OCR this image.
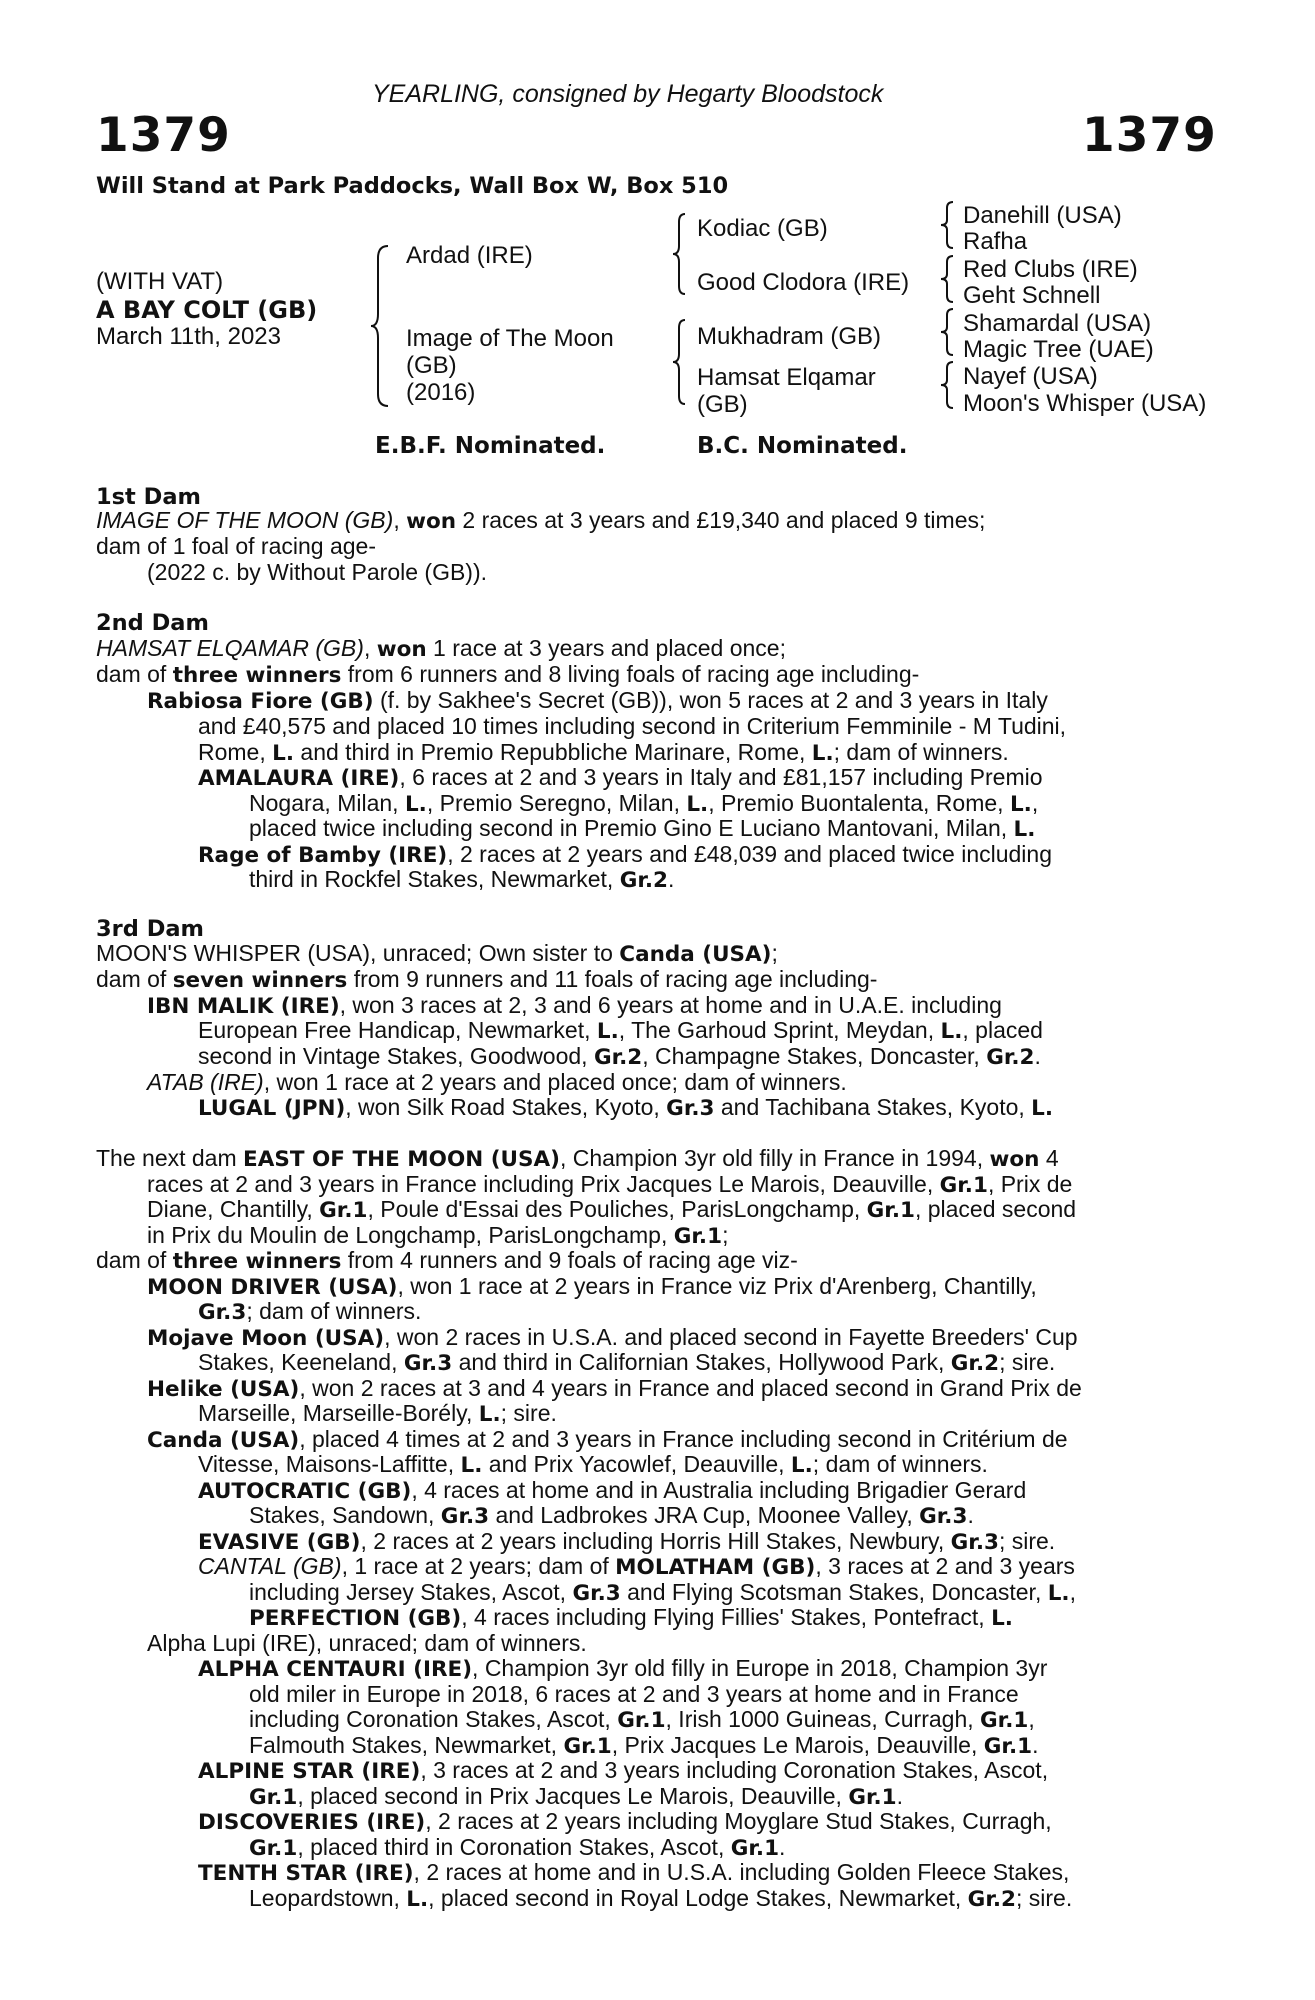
YEARLING, consigned by Hegarty Bloodstock
1379	1379
Will Stand at Park Paddocks, Wall Box W, Box 510
(WITH VAT)
A BAY COLT (GB)
March 11th, 2023
Ardad (IRE)
Image of The Moon
(GB)
(2016)
Kodiac (GB)
Good Clodora (IRE)
Mukhadram (GB)
Hamsat Elqamar
(GB)
Danehill (USA)
Rafha
Red Clubs (IRE)
Geht Schnell
Shamardal (USA)
Magic Tree (UAE)
Nayef (USA)
Moon's Whisper (USA)
E.B.F. Nominated.	B.C. Nominated.
1st Dam
IMAGE OF THE MOON (GB), won 2 races at 3 years and £19,340 and placed 9 times;
dam of 1 foal of racing age-
(2022 c. by Without Parole (GB)).
2nd Dam
HAMSAT ELQAMAR (GB), won 1 race at 3 years and placed once;
dam of three winners from 6 runners and 8 living foals of racing age including-
Rabiosa Fiore (GB) (f. by Sakhee's Secret (GB)), won 5 races at 2 and 3 years in Italy
and £40,575 and placed 10 times including second in Criterium Femminile - M Tudini,
Rome, L. and third in Premio Repubbliche Marinare, Rome, L.; dam of winners.
AMALAURA (IRE), 6 races at 2 and 3 years in Italy and £81,157 including Premio
Nogara, Milan, L., Premio Seregno, Milan, L., Premio Buontalenta, Rome, L.,
placed twice including second in Premio Gino E Luciano Mantovani, Milan, L.
Rage of Bamby (IRE), 2 races at 2 years and £48,039 and placed twice including
third in Rockfel Stakes, Newmarket, Gr.2.
3rd Dam
MOON'S WHISPER (USA), unraced; Own sister to Canda (USA);
dam of seven winners from 9 runners and 11 foals of racing age including-
IBN MALIK (IRE), won 3 races at 2, 3 and 6 years at home and in U.A.E. including
European Free Handicap, Newmarket, L., The Garhoud Sprint, Meydan, L., placed
second in Vintage Stakes, Goodwood, Gr.2, Champagne Stakes, Doncaster, Gr.2.
ATAB (IRE), won 1 race at 2 years and placed once; dam of winners.
LUGAL (JPN), won Silk Road Stakes, Kyoto, Gr.3 and Tachibana Stakes, Kyoto, L.
The next dam EAST OF THE MOON (USA), Champion 3yr old filly in France in 1994, won 4
races at 2 and 3 years in France including Prix Jacques Le Marois, Deauville, Gr.1, Prix de
Diane, Chantilly, Gr.1, Poule d'Essai des Pouliches, ParisLongchamp, Gr.1, placed second
in Prix du Moulin de Longchamp, ParisLongchamp, Gr.1;
dam of three winners from 4 runners and 9 foals of racing age viz-
MOON DRIVER (USA), won 1 race at 2 years in France viz Prix d'Arenberg, Chantilly,
Gr.3; dam of winners.
Mojave Moon (USA), won 2 races in U.S.A. and placed second in Fayette Breeders' Cup
Stakes, Keeneland, Gr.3 and third in Californian Stakes, Hollywood Park, Gr.2; sire.
Helike (USA), won 2 races at 3 and 4 years in France and placed second in Grand Prix de
Marseille, Marseille-Borély, L.; sire.
Canda (USA), placed 4 times at 2 and 3 years in France including second in Critérium de
Vitesse, Maisons-Laffitte, L. and Prix Yacowlef, Deauville, L.; dam of winners.
AUTOCRATIC (GB), 4 races at home and in Australia including Brigadier Gerard
Stakes, Sandown, Gr.3 and Ladbrokes JRA Cup, Moonee Valley, Gr.3.
EVASIVE (GB), 2 races at 2 years including Horris Hill Stakes, Newbury, Gr.3; sire.
CANTAL (GB), 1 race at 2 years; dam of MOLATHAM (GB), 3 races at 2 and 3 years
including Jersey Stakes, Ascot, Gr.3 and Flying Scotsman Stakes, Doncaster, L.,
PERFECTION (GB), 4 races including Flying Fillies' Stakes, Pontefract, L.
Alpha Lupi (IRE), unraced; dam of winners.
ALPHA CENTAURI (IRE), Champion 3yr old filly in Europe in 2018, Champion 3yr
old miler in Europe in 2018, 6 races at 2 and 3 years at home and in France
including Coronation Stakes, Ascot, Gr.1, Irish 1000 Guineas, Curragh, Gr.1,
Falmouth Stakes, Newmarket, Gr.1, Prix Jacques Le Marois, Deauville, Gr.1.
ALPINE STAR (IRE), 3 races at 2 and 3 years including Coronation Stakes, Ascot,
Gr.1, placed second in Prix Jacques Le Marois, Deauville, Gr.1.
DISCOVERIES (IRE), 2 races at 2 years including Moyglare Stud Stakes, Curragh,
Gr.1, placed third in Coronation Stakes, Ascot, Gr.1.
TENTH STAR (IRE), 2 races at home and in U.S.A. including Golden Fleece Stakes,
Leopardstown, L., placed second in Royal Lodge Stakes, Newmarket, Gr.2; sire.
